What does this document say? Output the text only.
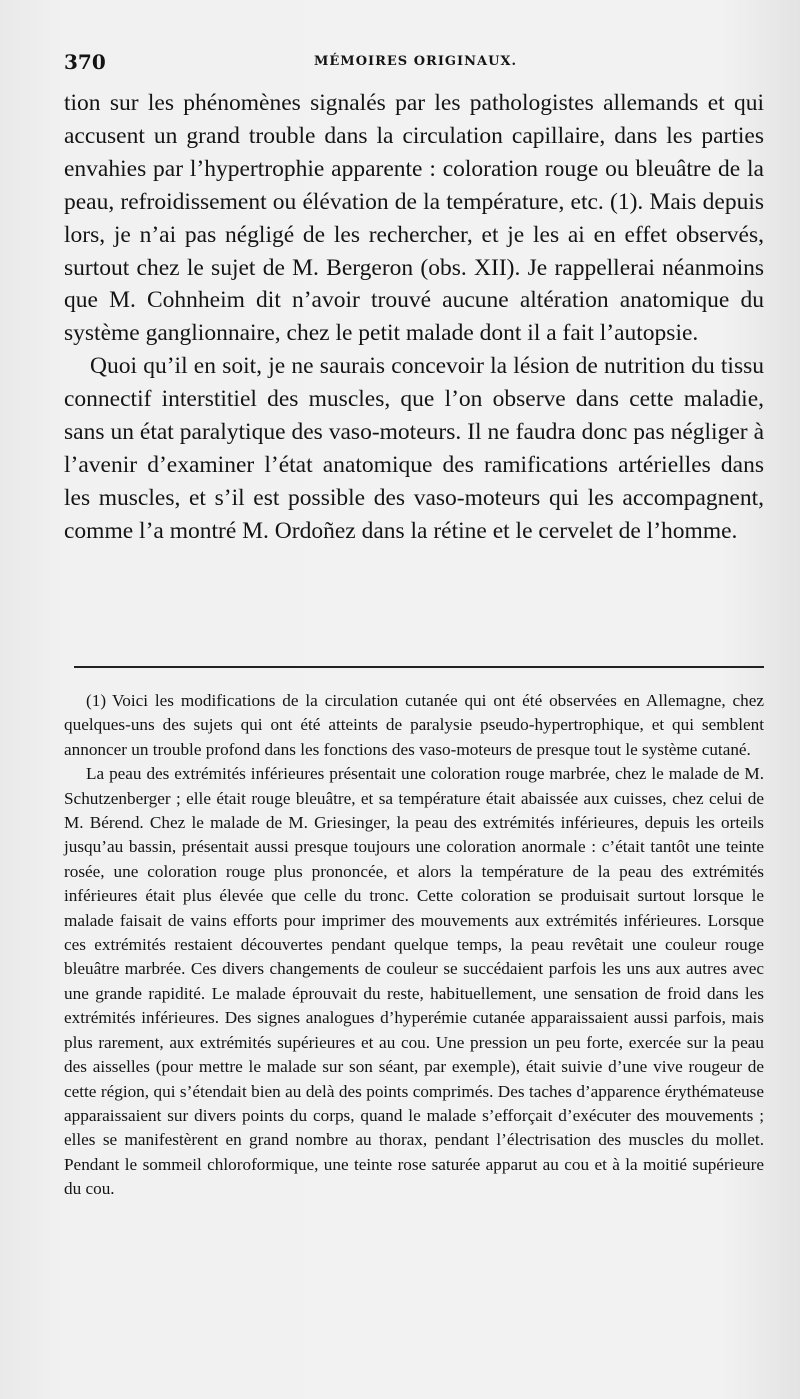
370	MÉMOIRES ORIGINAUX.

tion sur les phénomènes signalés par les pathologistes allemands et qui accusent un grand trouble dans la circulation capillaire, dans les parties envahies par l’hypertrophie apparente : coloration rouge ou bleuâtre de la peau, refroidissement ou élévation de la température, etc. (1). Mais depuis lors, je n’ai pas négligé de les rechercher, et je les ai en effet observés, surtout chez le sujet de M. Bergeron (obs. XII). Je rappellerai néanmoins que M. Cohnheim dit n’avoir trouvé aucune altération anatomique du système ganglionnaire, chez le petit malade dont il a fait l’autopsie.

Quoi qu’il en soit, je ne saurais concevoir la lésion de nutrition du tissu connectif interstitiel des muscles, que l’on observe dans cette maladie, sans un état paralytique des vaso-moteurs. Il ne faudra donc pas négliger à l’avenir d’examiner l’état anatomique des ramifications artérielles dans les muscles, et s’il est possible des vaso-moteurs qui les accompagnent, comme l’a montré M. Ordoñez dans la rétine et le cervelet de l’homme.

(1) Voici les modifications de la circulation cutanée qui ont été observées en Allemagne, chez quelques-uns des sujets qui ont été atteints de paralysie pseudo-hypertrophique, et qui semblent annoncer un trouble profond dans les fonctions des vaso-moteurs de presque tout le système cutané.

La peau des extrémités inférieures présentait une coloration rouge marbrée, chez le malade de M. Schutzenberger ; elle était rouge bleuâtre, et sa température était abaissée aux cuisses, chez celui de M. Bérend. Chez le malade de M. Griesinger, la peau des extrémités inférieures, depuis les orteils jusqu’au bassin, présentait aussi presque toujours une coloration anormale : c’était tantôt une teinte rosée, une coloration rouge plus prononcée, et alors la température de la peau des extrémités inférieures était plus élevée que celle du tronc. Cette coloration se produisait surtout lorsque le malade faisait de vains efforts pour imprimer des mouvements aux extrémités inférieures. Lorsque ces extrémités restaient découvertes pendant quelque temps, la peau revêtait une couleur rouge bleuâtre marbrée. Ces divers changements de couleur se succédaient parfois les uns aux autres avec une grande rapidité. Le malade éprouvait du reste, habituellement, une sensation de froid dans les extrémités inférieures. Des signes analogues d’hyperémie cutanée apparaissaient aussi parfois, mais plus rarement, aux extrémités supérieures et au cou. Une pression un peu forte, exercée sur la peau des aisselles (pour mettre le malade sur son séant, par exemple), était suivie d’une vive rougeur de cette région, qui s’étendait bien au delà des points comprimés. Des taches d’apparence érythémateuse apparaissaient sur divers points du corps, quand le malade s’efforçait d’exécuter des mouvements ; elles se manifestèrent en grand nombre au thorax, pendant l’électrisation des muscles du mollet. Pendant le sommeil chloroformique, une teinte rose saturée apparut au cou et à la moitié supérieure du cou.
